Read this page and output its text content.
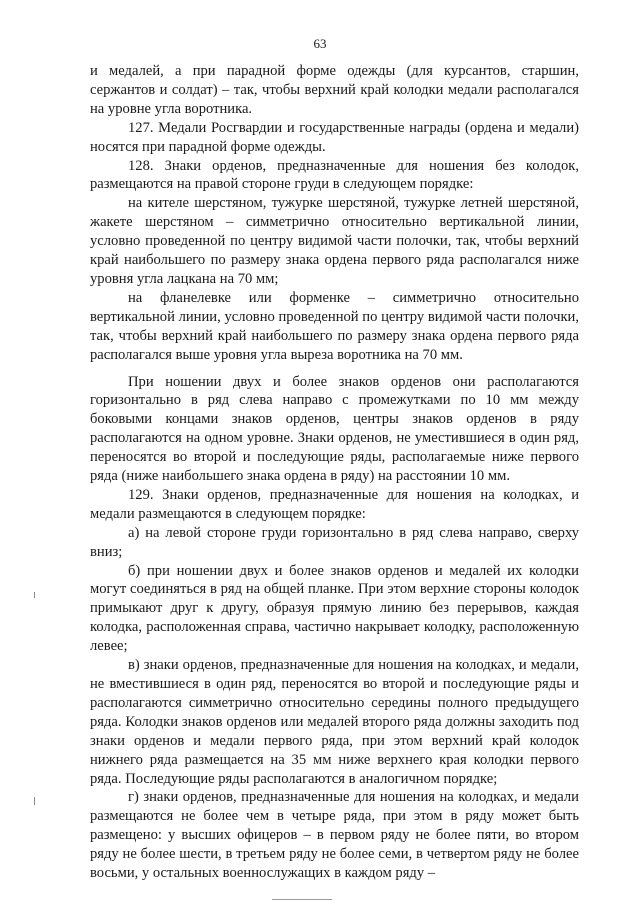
63

и медалей, а при парадной форме одежды (для курсантов, старшин, сержантов и солдат) – так, чтобы верхний край колодки медали располагался на уровне угла воротника.

127. Медали Росгвардии и государственные награды (ордена и медали) носятся при парадной форме одежды.

128. Знаки орденов, предназначенные для ношения без колодок, размещаются на правой стороне груди в следующем порядке:

на кителе шерстяном, тужурке шерстяной, тужурке летней шерстяной, жакете шерстяном – симметрично относительно вертикальной линии, условно проведенной по центру видимой части полочки, так, чтобы верхний край наибольшего по размеру знака ордена первого ряда располагался ниже уровня угла лацкана на 70 мм;

на фланелевке или форменке – симметрично относительно вертикальной линии, условно проведенной по центру видимой части полочки, так, чтобы верхний край наибольшего по размеру знака ордена первого ряда располагался выше уровня угла выреза воротника на 70 мм.

При ношении двух и более знаков орденов они располагаются горизонтально в ряд слева направо с промежутками по 10 мм между боковыми концами знаков орденов, центры знаков орденов в ряду располагаются на одном уровне. Знаки орденов, не уместившиеся в один ряд, переносятся во второй и последующие ряды, располагаемые ниже первого ряда (ниже наибольшего знака ордена в ряду) на расстоянии 10 мм.

129. Знаки орденов, предназначенные для ношения на колодках, и медали размещаются в следующем порядке:

а) на левой стороне груди горизонтально в ряд слева направо, сверху вниз;

б) при ношении двух и более знаков орденов и медалей их колодки могут соединяться в ряд на общей планке. При этом верхние стороны колодок примыкают друг к другу, образуя прямую линию без перерывов, каждая колодка, расположенная справа, частично накрывает колодку, расположенную левее;

в) знаки орденов, предназначенные для ношения на колодках, и медали, не вместившиеся в один ряд, переносятся во второй и последующие ряды и располагаются симметрично относительно середины полного предыдущего ряда. Колодки знаков орденов или медалей второго ряда должны заходить под знаки орденов и медали первого ряда, при этом верхний край колодок нижнего ряда размещается на 35 мм ниже верхнего края колодки первого ряда. Последующие ряды располагаются в аналогичном порядке;

г) знаки орденов, предназначенные для ношения на колодках, и медали размещаются не более чем в четыре ряда, при этом в ряду может быть размещено: у высших офицеров – в первом ряду не более пяти, во втором ряду не более шести, в третьем ряду не более семи, в четвертом ряду не более восьми, у остальных военнослужащих в каждом ряду –
